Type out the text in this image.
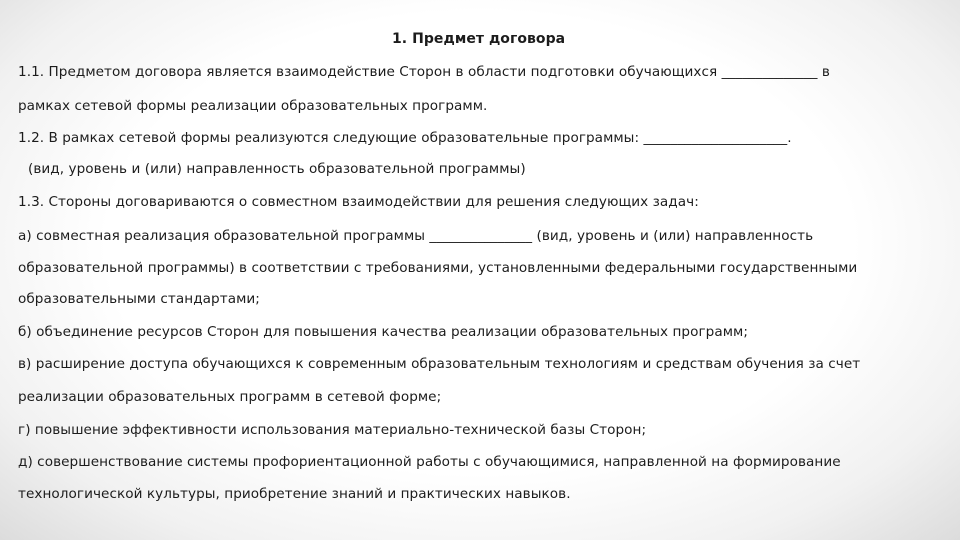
1. Предмет договора
1.1. Предметом договора является взаимодействие Сторон в области подготовки обучающихся ______________ в
рамках сетевой формы реализации образовательных программ.
1.2. В рамках сетевой формы реализуются следующие образовательные программы: _____________________.
(вид, уровень и (или) направленность образовательной программы)
1.3. Стороны договариваются о совместном взаимодействии для решения следующих задач:
а) совместная реализация образовательной программы _______________ (вид, уровень и (или) направленность
образовательной программы) в соответствии с требованиями, установленными федеральными государственными
образовательными стандартами;
б) объединение ресурсов Сторон для повышения качества реализации образовательных программ;
в) расширение доступа обучающихся к современным образовательным технологиям и средствам обучения за счет
реализации образовательных программ в сетевой форме;
г) повышение эффективности использования материально-технической базы Сторон;
д) совершенствование системы профориентационной работы с обучающимися, направленной на формирование
технологической культуры, приобретение знаний и практических навыков.
